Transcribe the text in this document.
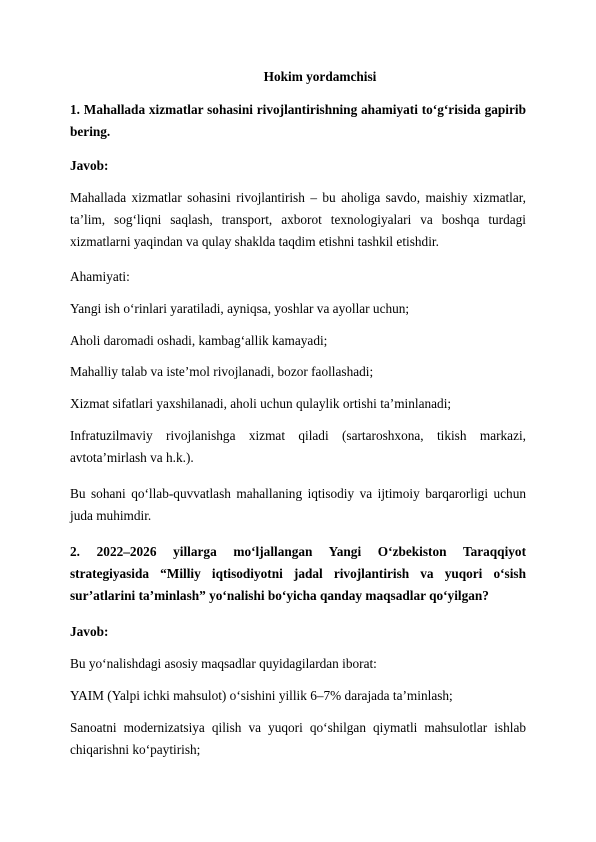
Hokim yordamchisi

1. Mahallada xizmatlar sohasini rivojlantirishning ahamiyati to‘g‘risida gapirib bering.

Javob:

Mahallada xizmatlar sohasini rivojlantirish – bu aholiga savdo, maishiy xizmatlar, ta’lim, sog‘liqni saqlash, transport, axborot texnologiyalari va boshqa turdagi xizmatlarni yaqindan va qulay shaklda taqdim etishni tashkil etishdir.

Ahamiyati:

Yangi ish o‘rinlari yaratiladi, ayniqsa, yoshlar va ayollar uchun;

Aholi daromadi oshadi, kambag‘allik kamayadi;

Mahalliy talab va iste’mol rivojlanadi, bozor faollashadi;

Xizmat sifatlari yaxshilanadi, aholi uchun qulaylik ortishi ta’minlanadi;

Infratuzilmaviy rivojlanishga xizmat qiladi (sartaroshxona, tikish markazi, avtota’mirlash va h.k.).

Bu sohani qo‘llab-quvvatlash mahallaning iqtisodiy va ijtimoiy barqarorligi uchun juda muhimdir.

2. 2022–2026 yillarga mo‘ljallangan Yangi O‘zbekiston Taraqqiyot strategiyasida “Milliy iqtisodiyotni jadal rivojlantirish va yuqori o‘sish sur’atlarini ta’minlash” yo‘nalishi bo‘yicha qanday maqsadlar qo‘yilgan?

Javob:

Bu yo‘nalishdagi asosiy maqsadlar quyidagilardan iborat:

YAIM (Yalpi ichki mahsulot) o‘sishini yillik 6–7% darajada ta’minlash;

Sanoatni modernizatsiya qilish va yuqori qo‘shilgan qiymatli mahsulotlar ishlab chiqarishni ko‘paytirish;
